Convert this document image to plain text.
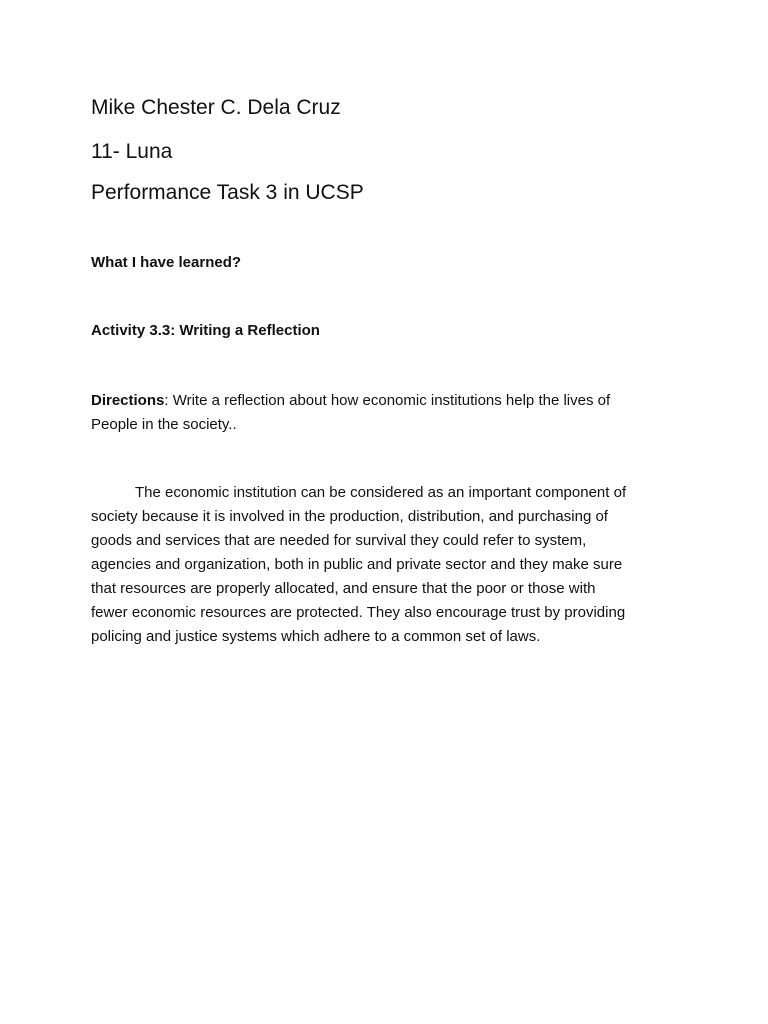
Mike Chester C. Dela Cruz
11- Luna
Performance Task 3 in UCSP
What I have learned?
Activity 3.3: Writing a Reflection
Directions: Write a reflection about how economic institutions help the lives of
People in the society..
The economic institution can be considered as an important component of
society because it is involved in the production, distribution, and purchasing of
goods and services that are needed for survival they could refer to system,
agencies and organization, both in public and private sector and they make sure
that resources are properly allocated, and ensure that the poor or those with
fewer economic resources are protected. They also encourage trust by providing
policing and justice systems which adhere to a common set of laws.
